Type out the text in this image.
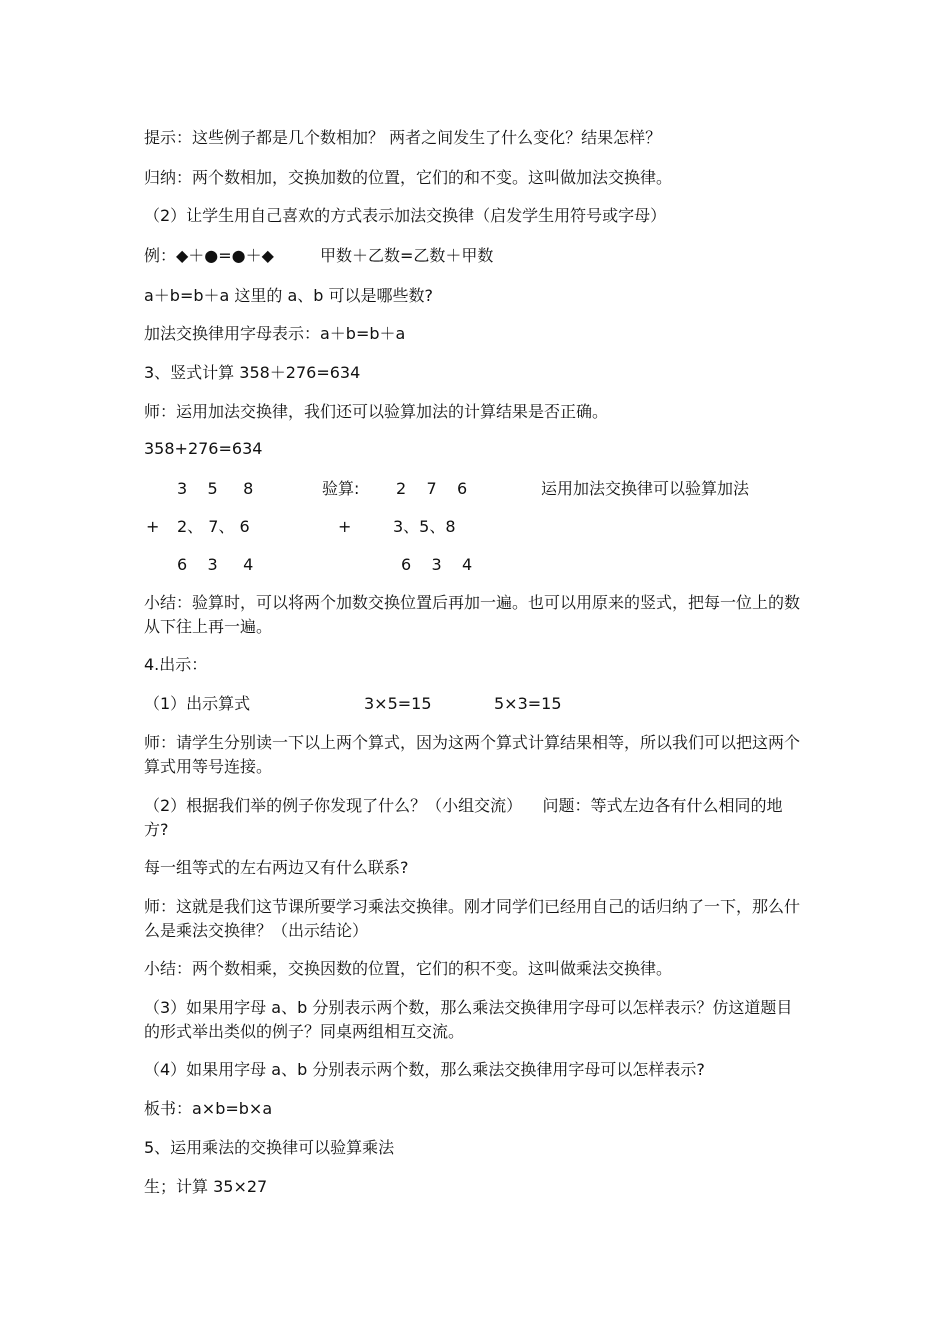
提示：这些例子都是几个数相加？ 两者之间发生了什么变化？结果怎样？
归纳：两个数相加，交换加数的位置，它们的和不变。这叫做加法交换律。
（2）让学生用自己喜欢的方式表示加法交换律（启发学生用符号或字母）
例：◆＋●=●＋◆	甲数＋乙数=乙数＋甲数
a＋b=b＋a 这里的 a、b 可以是哪些数?
加法交换律用字母表示：a＋b=b＋a
3、竖式计算 358＋276=634
师：运用加法交换律，我们还可以验算加法的计算结果是否正确。
358+276=634
3    5     8	验算: 2    7    6	运用加法交换律可以验算加法
+ 2、 7、 6	+	3、5、8
6    3     4	6    3    4
小结：验算时，可以将两个加数交换位置后再加一遍。也可以用原来的竖式，把每一位上的数从下往上再一遍。
4.出示：
（1）出示算式	3×5=15	5×3=15
师：请学生分别读一下以上两个算式，因为这两个算式计算结果相等，所以我们可以把这两个算式用等号连接。
（2）根据我们举的例子你发现了什么？（小组交流）    问题：等式左边各有什么相同的地方?
每一组等式的左右两边又有什么联系?
师：这就是我们这节课所要学习乘法交换律。刚才同学们已经用自己的话归纳了一下，那么什么是乘法交换律？（出示结论）
小结：两个数相乘，交换因数的位置，它们的积不变。这叫做乘法交换律。
（3）如果用字母 a、b 分别表示两个数，那么乘法交换律用字母可以怎样表示？仿这道题目的形式举出类似的例子？同桌两组相互交流。
（4）如果用字母 a、b 分别表示两个数，那么乘法交换律用字母可以怎样表示?
板书：a×b=b×a
5、运用乘法的交换律可以验算乘法
生；计算 35×27
